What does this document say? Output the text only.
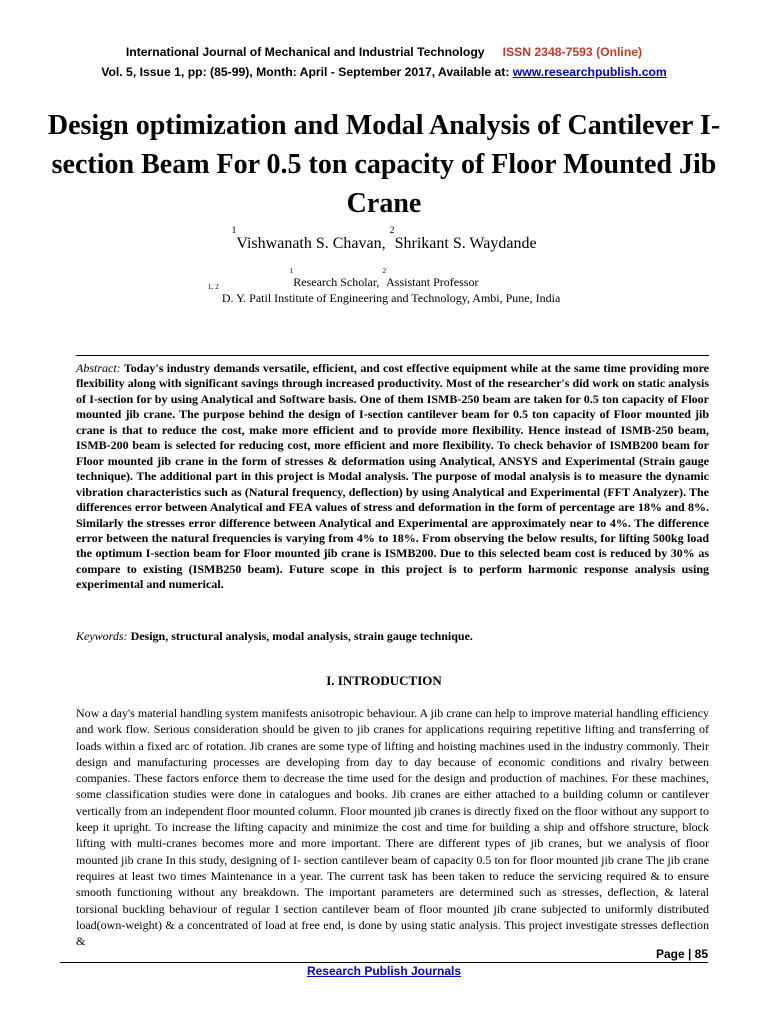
International Journal of Mechanical and Industrial Technology ISSN 2348-7593 (Online)
Vol. 5, Issue 1, pp: (85-99), Month: April - September 2017, Available at: www.researchpublish.com
Design optimization and Modal Analysis of Cantilever I-section Beam For 0.5 ton capacity of Floor Mounted Jib Crane
$^1$Vishwanath S. Chavan, $^2$Shrikant S. Waydande
$^1$Research Scholar, $^2$Assistant Professor
$^{1, 2}$ D. Y. Patil Institute of Engineering and Technology, Ambi, Pune, India

Abstract: Today's industry demands versatile, efficient, and cost effective equipment while at the same time providing more flexibility along with significant savings through increased productivity. Most of the researcher's did work on static analysis of I-section for by using Analytical and Software basis. One of them ISMB-250 beam are taken for 0.5 ton capacity of Floor mounted jib crane. The purpose behind the design of I-section cantilever beam for 0.5 ton capacity of Floor mounted jib crane is that to reduce the cost, make more efficient and to provide more flexibility. Hence instead of ISMB-250 beam, ISMB-200 beam is selected for reducing cost, more efficient and more flexibility. To check behavior of ISMB200 beam for Floor mounted jib crane in the form of stresses & deformation using Analytical, ANSYS and Experimental (Strain gauge technique). The additional part in this project is Modal analysis. The purpose of modal analysis is to measure the dynamic vibration characteristics such as (Natural frequency, deflection) by using Analytical and Experimental (FFT Analyzer). The differences error between Analytical and FEA values of stress and deformation in the form of percentage are 18% and 8%. Similarly the stresses error difference between Analytical and Experimental are approximately near to 4%. The difference error between the natural frequencies is varying from 4% to 18%. From observing the below results, for lifting 500kg load the optimum I-section beam for Floor mounted jib crane is ISMB200. Due to this selected beam cost is reduced by 30% as compare to existing (ISMB250 beam). Future scope in this project is to perform harmonic response analysis using experimental and numerical.

Keywords: Design, structural analysis, modal analysis, strain gauge technique.

I. INTRODUCTION

Now a day's material handling system manifests anisotropic behaviour. A jib crane can help to improve material handling efficiency and work flow. Serious consideration should be given to jib cranes for applications requiring repetitive lifting and transferring of loads within a fixed arc of rotation. Jib cranes are some type of lifting and hoisting machines used in the industry commonly. Their design and manufacturing processes are developing from day to day because of economic conditions and rivalry between companies. These factors enforce them to decrease the time used for the design and production of machines. For these machines, some classification studies were done in catalogues and books. Jib cranes are either attached to a building column or cantilever vertically from an independent floor mounted column. Floor mounted jib cranes is directly fixed on the floor without any support to keep it upright. To increase the lifting capacity and minimize the cost and time for building a ship and offshore structure, block lifting with multi-cranes becomes more and more important. There are different types of jib cranes, but we analysis of floor mounted jib crane In this study, designing of I- section cantilever beam of capacity 0.5 ton for floor mounted jib crane The jib crane requires at least two times Maintenance in a year. The current task has been taken to reduce the servicing required & to ensure smooth functioning without any breakdown. The important parameters are determined such as stresses, deflection, & lateral torsional buckling behaviour of regular I section cantilever beam of floor mounted jib crane subjected to uniformly distributed load(own-weight) & a concentrated of load at free end, is done by using static analysis. This project investigate stresses deflection &

Page | 85
Research Publish Journals
